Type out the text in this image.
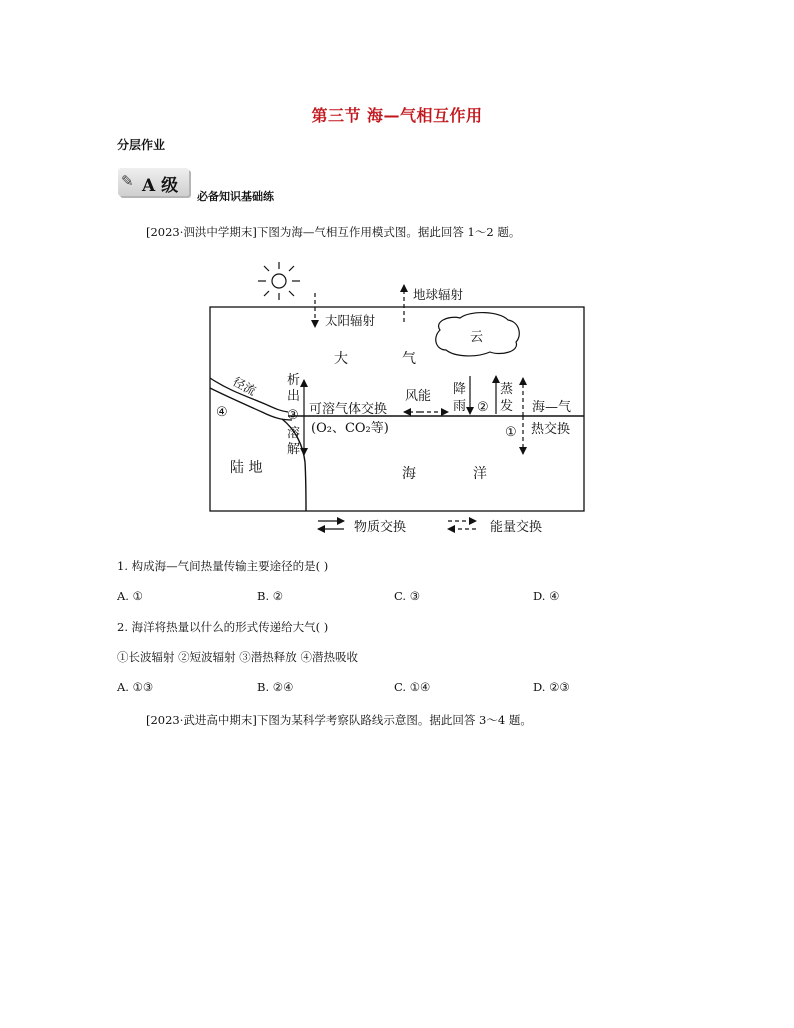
第三节 海—气相互作用
分层作业
✎ A 级
必备知识基础练
[2023·泗洪中学期末]下图为海—气相互作用模式图。据此回答 1～2 题。
太阳辐射
地球辐射
云
大	气
径流
④
析
出
③
溶
解
可溶气体交换
(O₂、CO₂等)
风能 降
雨 ②
蒸
发 海—气
① 热交换
陆 地	海	洋
物质交换	能量交换
1. 构成海—气间热量传输主要途径的是( )
A. ①	B. ②	C. ③	D. ④
2. 海洋将热量以什么的形式传递给大气( )
①长波辐射 ②短波辐射 ③潜热释放 ④潜热吸收
A. ①③	B. ②④	C. ①④	D. ②③
[2023·武进高中期末]下图为某科学考察队路线示意图。据此回答 3～4 题。
